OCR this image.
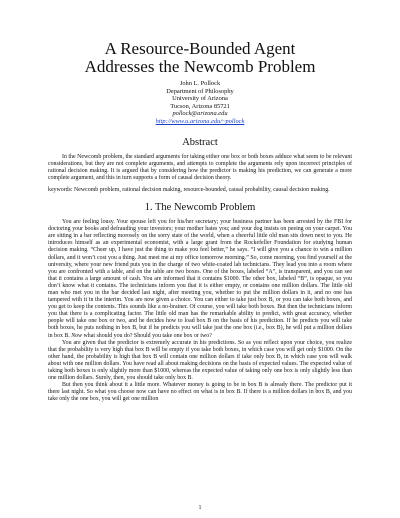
A Resource-Bounded Agent
Addresses the Newcomb Problem
John L. Pollock
Department of Philosophy
University of Arizona
Tucson, Arizona 85721
pollock@arizona.edu
http://www.u.arizona.edu/~pollock
Abstract

In the Newcomb problem, the standard arguments for taking either one box or both boxes adduce what seem to be relevant considerations, but they are not complete arguments, and attempts to complete the arguments rely upon incorrect principles of rational decision making. It is argued that by considering how the predictor is making his prediction, we can generate a more complete argument, and this in turn supports a form of causal decision theory.

keywords: Newcomb problem, rational decision making, resource-bounded, causal probability, causal decision making.

1. The Newcomb Problem

You are feeling lousy. Your spouse left you for his/her secretary; your business partner has been arrested by the FBI for doctoring your books and defrauding your investors; your mother hates you; and your dog insists on peeing on your carpet. You are sitting in a bar reflecting morosely on the sorry state of the world, when a cheerful little old man sits down next to you. He introduces himself as an experimental economist, with a large grant from the Rockefeller Foundation for studying human decision making. “Cheer up, I have just the thing to make you feel better,” he says. “I will give you a chance to win a million dollars, and it won’t cost you a thing. Just meet me at my office tomorrow morning.” So, come morning, you find yourself at the university, where your new friend puts you in the charge of two white-coated lab technicians. They lead you into a room where you are confronted with a table, and on the table are two boxes. One of the boxes, labeled “A”, is transparent, and you can see that it contains a large amount of cash. You are informed that it contains $1000. The other box, labeled “B”, is opaque, so you don’t know what it contains. The technicians inform you that it is either empty, or contains one million dollars. The little old man who met you in the bar decided last night, after meeting you, whether to put the million dollars in it, and no one has tampered with it in the interim. You are now given a choice. You can either to take just box B, or you can take both boxes, and you get to keep the contents. This sounds like a no-brainer. Of course, you will take both boxes. But then the technicians inform you that there is a complicating factor. The little old man has the remarkable ability to predict, with great accuracy, whether people will take one box or two, and he decides how to load box B on the basis of his prediction. If he predicts you will take both boxes, he puts nothing in box B, but if he predicts you will take just the one box (i.e., box B), he will put a million dollars in box B. Now what should you do? Should you take one box or two?

You are given that the predictor is extremely accurate in his predictions. So as you reflect upon your choice, you realize that the probability is very high that box B will be empty if you take both boxes, in which case you will get only $1000. On the other hand, the probability is high that box B will contain one million dollars if take only box B, in which case you will walk about with one million dollars. You have read all about making decisions on the basis of expected values. The expected value of taking both boxes is only slightly more than $1000, whereas the expected value of taking only one box is only slightly less than one million dollars. Surely, then, you should take only box B.

But then you think about it a little more. Whatever money is going to be in box B is already there. The predictor put it there last night. So what you choose now can have no effect on what is in box B. If there is a million dollars in box B, and you take only the one box, you will get one million

1
